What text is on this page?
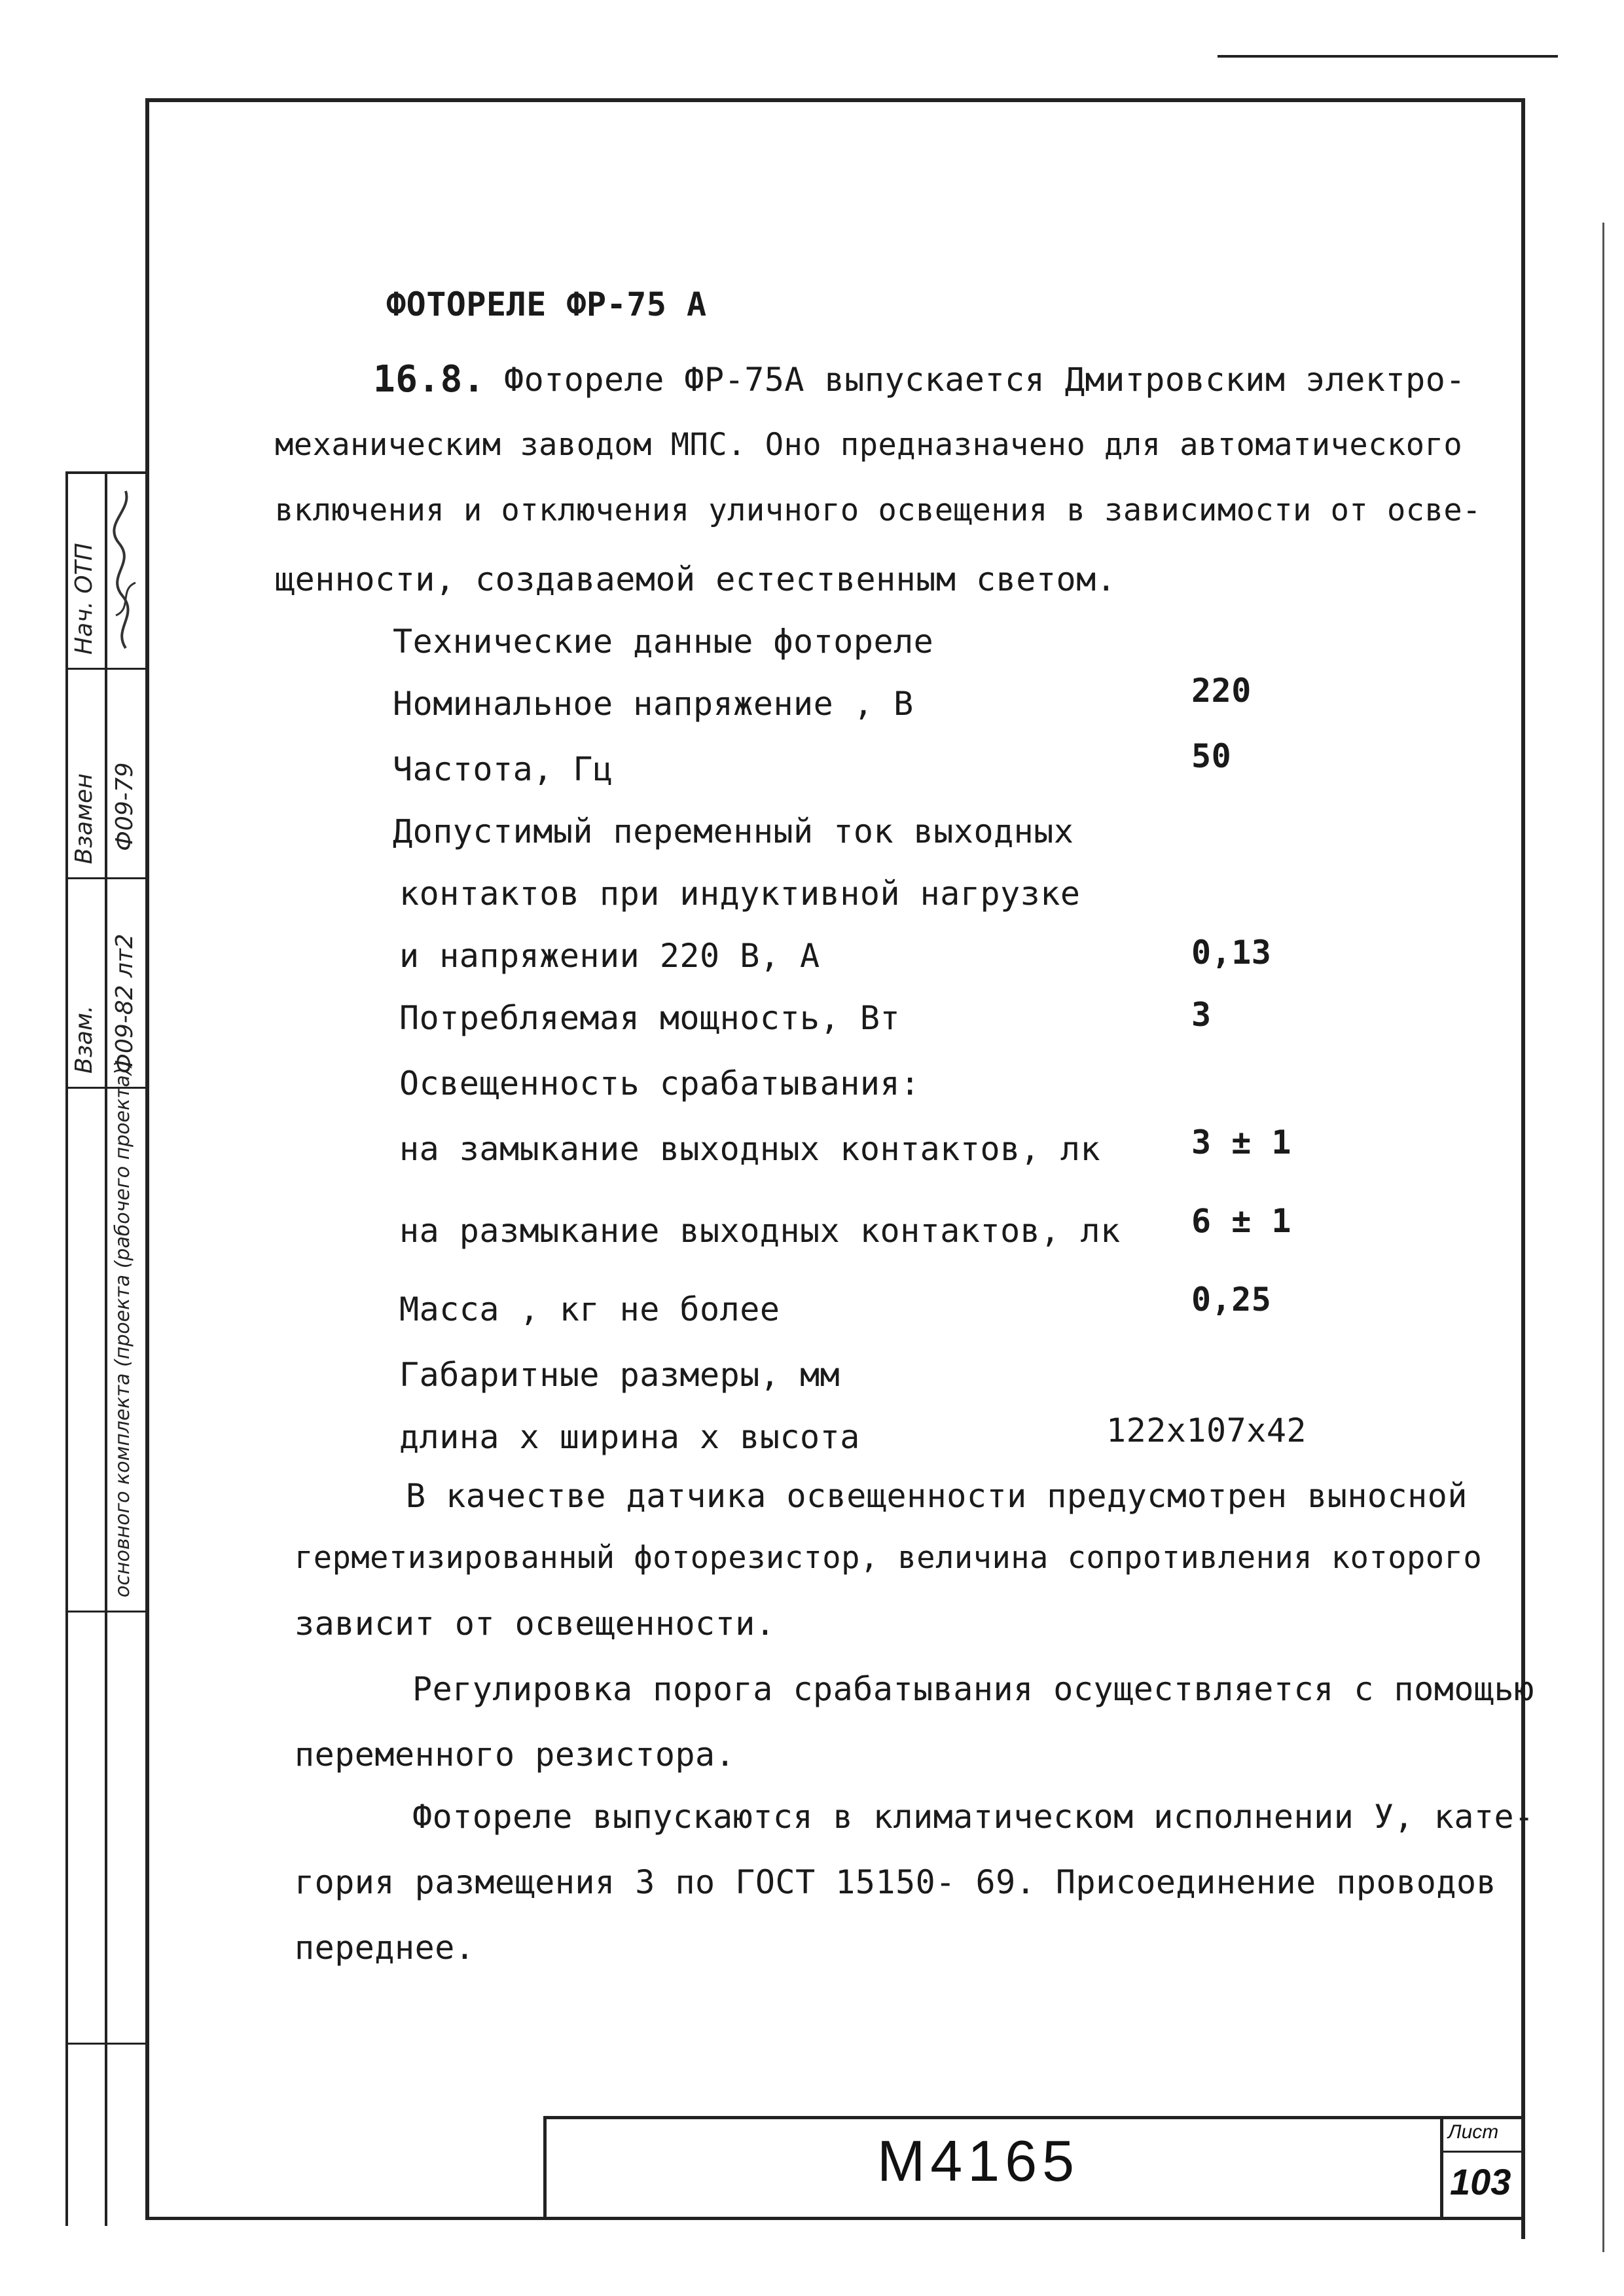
Нач. ОТП
Взамен
Взам.
Ф09-79
Ф09-82 лт2
основного комплекта (проекта (рабочего проекта))
ФОТОРЕЛЕ ФР-75 А
16.8. Фотореле ФР-75А выпускается Дмитровским электро-
механическим заводом МПС. Оно предназначено для автоматического
включения и отключения уличного освещения в зависимости от осве-
щенности, создаваемой естественным светом.
Технические данные фотореле
Номинальное напряжение , В	220
Частота, Гц	50
Допустимый переменный ток выходных
контактов при индуктивной нагрузке
и напряжении 220 В, А	0,13
Потребляемая мощность, Вт	3
Освещенность срабатывания:
на замыкание выходных контактов, лк	3 ± 1
на размыкание выходных контактов, лк 6 ± 1
Масса , кг не более	0,25
Габаритные размеры, мм
длина х ширина х высота	122х107х42
В качестве датчика освещенности предусмотрен выносной
герметизированный фоторезистор, величина сопротивления которого
зависит от освещенности.
Регулировка порога срабатывания осуществляется с помощью
переменного резистора.
Фотореле выпускаются в климатическом исполнении У, кате-
гория размещения 3 по ГОСТ 15150- 69. Присоединение проводов
переднее.
М4165	Лист
103
